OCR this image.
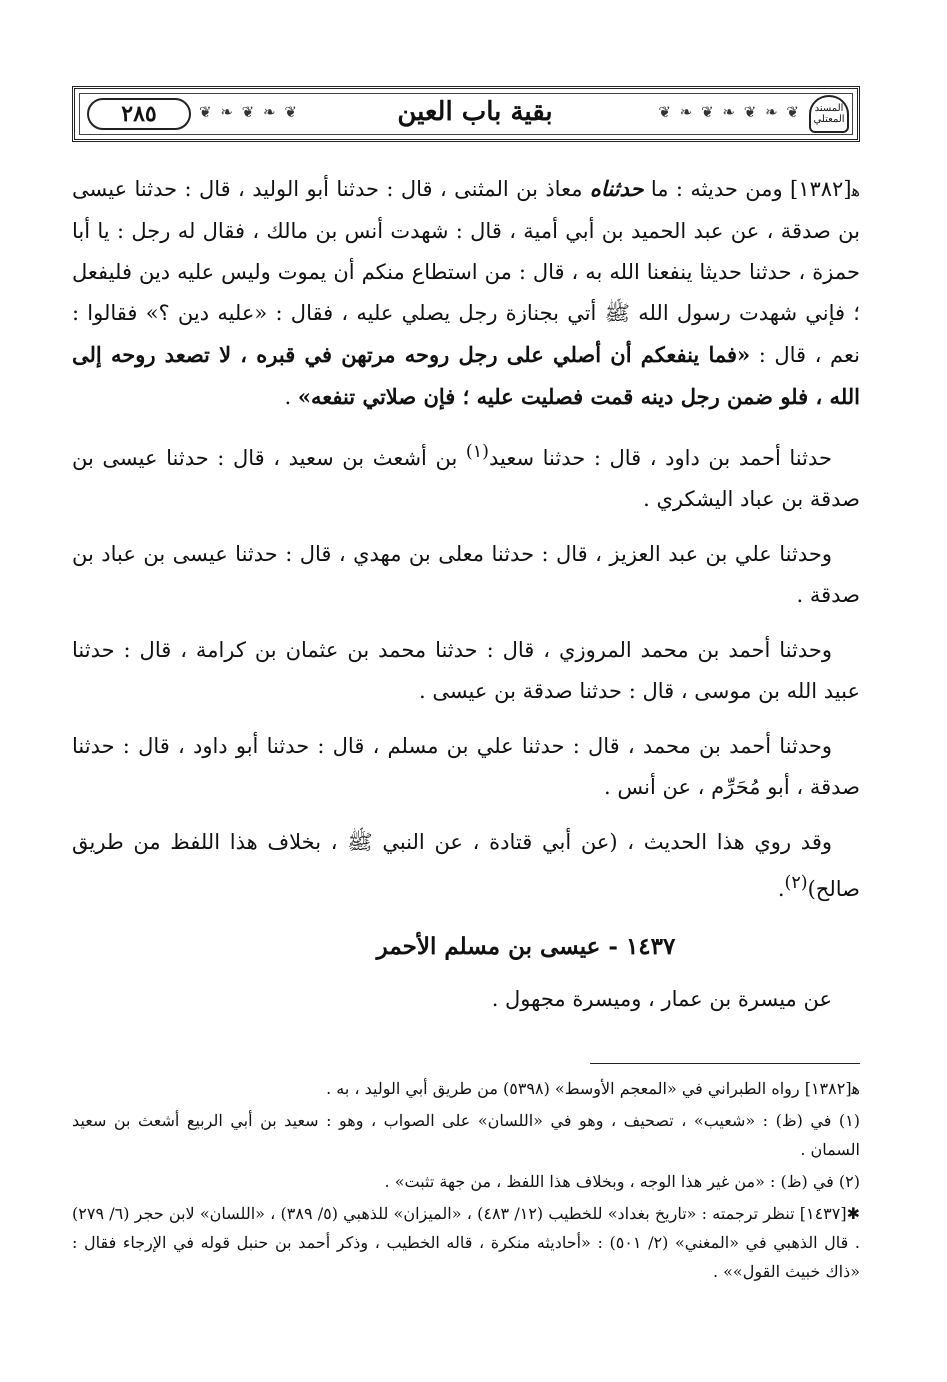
المسند
المعتلي
❦ ❧ ❦ ❧ ❦ ❧ ❦
بقية باب العين
❦ ❧ ❦ ❧ ❦
٢٨٥

ﻫ[١٣٨٢] ومن حديثه : ما حدثناه معاذ بن المثنى ، قال : حدثنا أبو الوليد ، قال : حدثنا عيسى بن صدقة ، عن عبد الحميد بن أبي أمية ، قال : شهدت أنس بن مالك ، فقال له رجل : يا أبا حمزة ، حدثنا حديثا ينفعنا الله به ، قال : من استطاع منكم أن يموت وليس عليه دين فليفعل ؛ فإني شهدت رسول الله ﷺ أتي بجنازة رجل يصلي عليه ، فقال : «عليه دين ؟» فقالوا : نعم ، قال : «فما ينفعكم أن أصلي على رجل روحه مرتهن في قبره ، لا تصعد روحه إلى الله ، فلو ضمن رجل دينه قمت فصليت عليه ؛ فإن صلاتي تنفعه» .

حدثنا أحمد بن داود ، قال : حدثنا سعيد$^{(١)}$ بن أشعث بن سعيد ، قال : حدثنا عيسى بن صدقة بن عباد اليشكري .

وحدثنا علي بن عبد العزيز ، قال : حدثنا معلى بن مهدي ، قال : حدثنا عيسى بن عباد بن صدقة .

وحدثنا أحمد بن محمد المروزي ، قال : حدثنا محمد بن عثمان بن كرامة ، قال : حدثنا عبيد الله بن موسى ، قال : حدثنا صدقة بن عيسى .

وحدثنا أحمد بن محمد ، قال : حدثنا علي بن مسلم ، قال : حدثنا أبو داود ، قال : حدثنا صدقة ، أبو مُحَرِّم ، عن أنس .

وقد روي هذا الحديث ، (عن أبي قتادة ، عن النبي ﷺ ، بخلاف هذا اللفظ من طريق صالح)$^{(٢)}$.

١٤٣٧ - عيسى بن مسلم الأحمر

عن ميسرة بن عمار ، وميسرة مجهول .

ﻫ[١٣٨٢] رواه الطبراني في «المعجم الأوسط» (٥٣٩٨) من طريق أبي الوليد ، به .

(١) في (ظ) : «شعيب» ، تصحيف ، وهو في «اللسان» على الصواب ، وهو : سعيد بن أبي الربيع أشعث بن سعيد السمان .

(٢) في (ظ) : «من غير هذا الوجه ، وبخلاف هذا اللفظ ، من جهة تثبت» .

✱[١٤٣٧] تنظر ترجمته : «تاريخ بغداد» للخطيب (١٢/ ٤٨٣) ، «الميزان» للذهبي (٥/ ٣٨٩) ، «اللسان» لابن حجر (٦/ ٢٧٩) . قال الذهبي في «المغني» (٢/ ٥٠١) : «أحاديثه منكرة ، قاله الخطيب ، وذكر أحمد بن حنبل قوله في الإرجاء فقال : «ذاك خبيث القول»» .
